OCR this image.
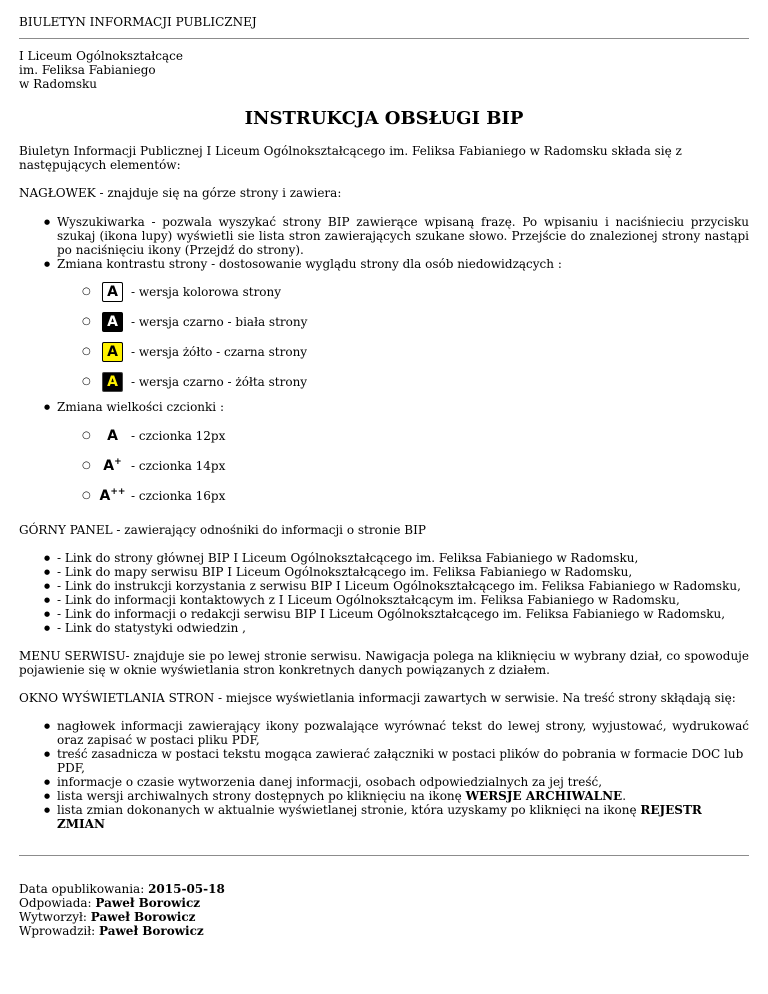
BIULETYN INFORMACJI PUBLICZNEJ
I Liceum Ogólnokształcące
im. Feliksa Fabianiego
w Radomsku
INSTRUKCJA OBSŁUGI BIP

Biuletyn Informacji Publicznej I Liceum Ogólnokształcącego im. Feliksa Fabianiego w Radomsku składa się z następujących elementów:

NAGŁOWEK - znajduje się na górze strony i zawiera:

● Wyszukiwarka - pozwala wyszykać strony BIP zawierące wpisaną frazę. Po wpisaniu i naciśnieciu przycisku szukaj (ikona lupy) wyświetli sie lista stron zawierających szukane słowo. Przejście do znalezionej strony nastąpi po naciśnięciu ikony (Przejdź do strony).
● Zmiana kontrastu strony - dostosowanie wyglądu strony dla osób niedowidzących :
○	A	- wersja kolorowa strony
○	A	- wersja czarno - biała strony
○	A	- wersja żółto - czarna strony
○	A	- wersja czarno - żółta strony
● Zmiana wielkości czcionki :
○ A - czcionka 12px
○ A+ - czcionka 14px
○ A++ - czcionka 16px

GÓRNY PANEL - zawierający odnośniki do informacji o stronie BIP

● - Link do strony głównej BIP I Liceum Ogólnokształcącego im. Feliksa Fabianiego w Radomsku,
● - Link do mapy serwisu BIP I Liceum Ogólnokształcącego im. Feliksa Fabianiego w Radomsku,
● - Link do instrukcji korzystania z serwisu BIP I Liceum Ogólnokształcącego im. Feliksa Fabianiego w Radomsku,
● - Link do informacji kontaktowych z I Liceum Ogólnokształcącym im. Feliksa Fabianiego w Radomsku,
● - Link do informacji o redakcji serwisu BIP I Liceum Ogólnokształcącego im. Feliksa Fabianiego w Radomsku,
● - Link do statystyki odwiedzin ,

MENU SERWISU- znajduje sie po lewej stronie serwisu. Nawigacja polega na kliknięciu w wybrany dział, co spowoduje pojawienie się w oknie wyświetlania stron konkretnych danych powiązanych z działem.

OKNO WYŚWIETLANIA STRON - miejsce wyświetlania informacji zawartych w serwisie. Na treść strony skłądają się:

● nagłowek informacji zawierający ikony pozwalające wyrównać tekst do lewej strony, wyjustować, wydrukować oraz zapisać w postaci pliku PDF,
● treść zasadnicza w postaci tekstu mogąca zawierać załączniki w postaci plików do pobrania w formacie DOC lub PDF,
● informacje o czasie wytworzenia danej informacji, osobach odpowiedzialnych za jej treść,
● lista wersji archiwalnych strony dostępnych po kliknięciu na ikonę WERSJE ARCHIWALNE.
● lista zmian dokonanych w aktualnie wyświetlanej stronie, która uzyskamy po kliknięci na ikonę REJESTR ZMIAN
Data opublikowania: 2015-05-18
Odpowiada: Paweł Borowicz
Wytworzył: Paweł Borowicz
Wprowadził: Paweł Borowicz
